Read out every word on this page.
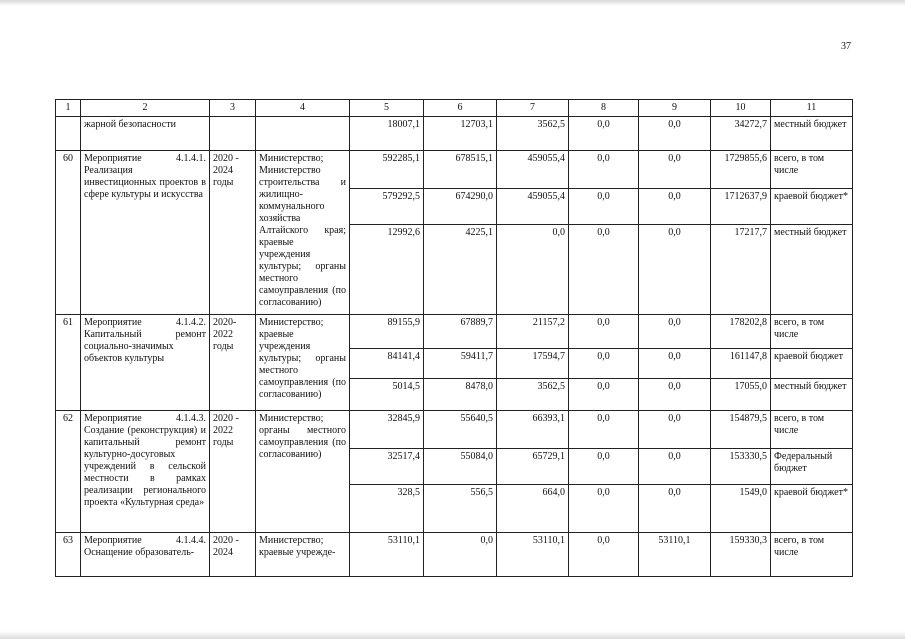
37
1	2	3	4	5	6	7	8	9	10	11
	жарной безопасности			18007,1	12703,1	3562,5	0,0	0,0	34272,7	местный бюджет
60	Мероприятие 4.1.4.1. Реализация инвестиционных проектов в сфере культуры и искусства	2020 - 2024 годы	Министерство; Министерство строительства и жилищно-коммунального хозяйства Алтайского края; краевые учреждения культуры; органы местного самоуправления (по согласованию)	592285,1	678515,1	459055,4	0,0	0,0	1729855,6	всего, в том числе
				579292,5	674290,0	459055,4	0,0	0,0	1712637,9	краевой бюджет*
				12992,6	4225,1	0,0	0,0	0,0	17217,7	местный бюджет
61	Мероприятие 4.1.4.2. Капитальный ремонт социально-значимых объектов культуры	2020- 2022 годы	Министерство; краевые учреждения культуры; органы местного самоуправления (по согласованию)	89155,9	67889,7	21157,2	0,0	0,0	178202,8	всего, в том числе
				84141,4	59411,7	17594,7	0,0	0,0	161147,8	краевой бюджет
				5014,5	8478,0	3562,5	0,0	0,0	17055,0	местный бюджет
62	Мероприятие 4.1.4.3. Создание (реконструкция) и капитальный ремонт культурно-досуговых учреждений в сельской местности в рамках реализации регионального проекта «Культурная среда»	2020 - 2022 годы	Министерство; органы местного самоуправления (по согласованию)	32845,9	55640,5	66393,1	0,0	0,0	154879,5	всего, в том числе
				32517,4	55084,0	65729,1	0,0	0,0	153330,5	Федеральный бюджет
				328,5	556,5	664,0	0,0	0,0	1549,0	краевой бюджет*
63	Мероприятие 4.1.4.4. Оснащение образователь-	2020 - 2024	Министерство; краевые учрежде-	53110,1	0,0	53110,1	0,0	53110,1	159330,3	всего, в том числе
